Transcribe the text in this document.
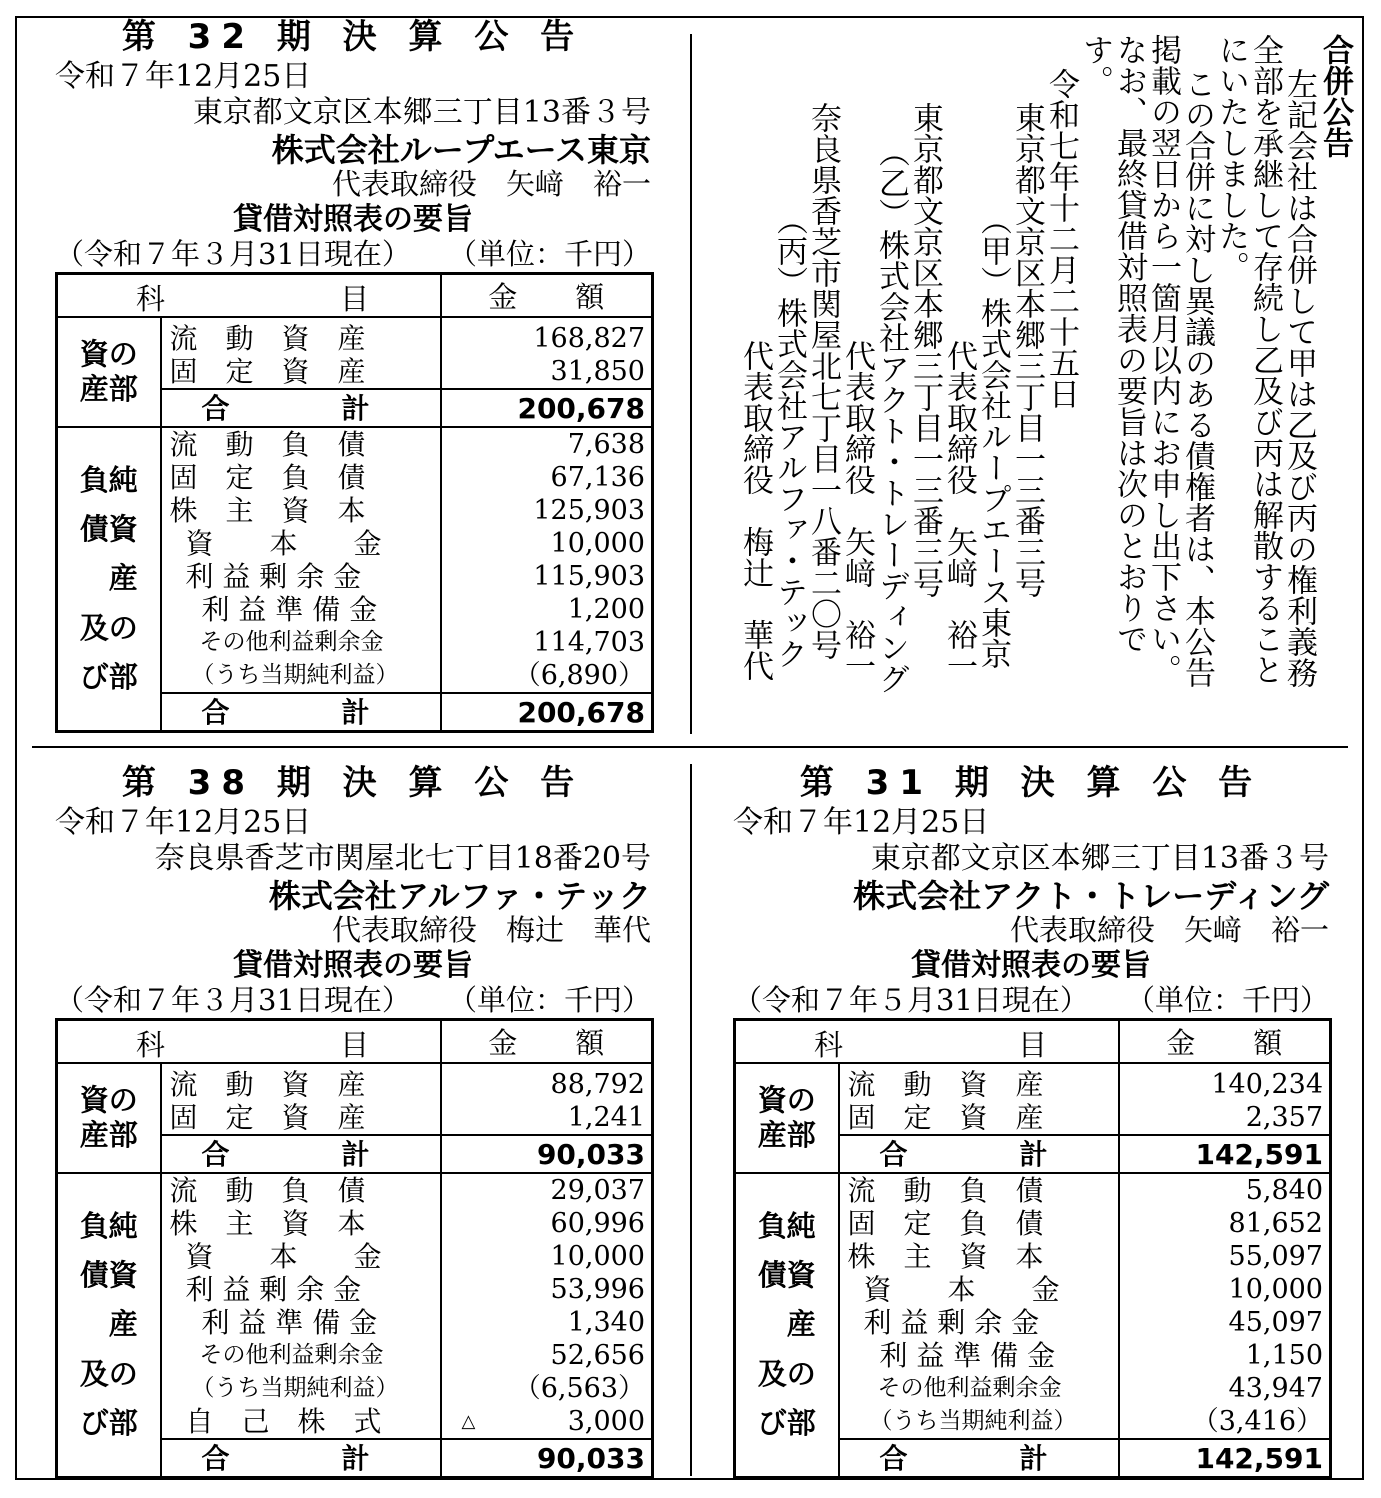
第 32 期 決 算 公 告
令和７年12月25日
東京都文京区本郷三丁目13番３号
株式会社ループエース東京
代表取締役　矢﨑　裕一
貸借対照表の要旨
（令和７年３月31日現在） （単位：千円）
科 目		金　　額
資の
産部	流　動　資　産	168,827
	固　定　資　産	31,850
	合　　　　計	200,678
負純
債資
　産
及の
び部	流　動　負　債	7,638
	固　定　負　債	67,136
	株　主　資　本	125,903
	資　　本　　金	10,000
	利 益 剰 余 金	115,903
	利 益 準 備 金	1,200
	その他利益剰余金	114,703
	（うち当期純利益）	（6,890）
	合　　　　計	200,678
第 38 期 決 算 公 告
令和７年12月25日
奈良県香芝市関屋北七丁目18番20号
株式会社アルファ・テック
代表取締役　梅辻　華代
貸借対照表の要旨
（令和７年３月31日現在） （単位：千円）
科 目		金　　額
資の
産部	流　動　資　産	88,792
	固　定　資　産	1,241
	合　　　　計	90,033
負純
債資
　産
及の
び部	流　動　負　債	29,037
	株　主　資　本	60,996
	資　　本　　金	10,000
	利 益 剰 余 金	53,996
	利 益 準 備 金	1,340
	その他利益剰余金	52,656
	（うち当期純利益）	（6,563）
	自　己　株　式	△ 3,000
	合　　　　計	90,033
第 31 期 決 算 公 告
令和７年12月25日
東京都文京区本郷三丁目13番３号
株式会社アクト・トレーディング
代表取締役　矢﨑　裕一
貸借対照表の要旨
（令和７年５月31日現在） （単位：千円）
科 目		金　　額
資の
産部	流　動　資　産	140,234
	固　定　資　産	2,357
	合　　　　計	142,591
負純
債資
　産
及の
び部	流　動　負　債	5,840
	固　定　負　債	81,652
	株　主　資　本	55,097
	資　　本　　金	10,000
	利 益 剰 余 金	45,097
	利 益 準 備 金	1,150
	その他利益剰余金	43,947
	（うち当期純利益）	（3,416）
	合　　　　計	142,591
合併公告
左記会社は合併して甲は乙及び丙の権利義務
全部を承継して存続し乙及び丙は解散すること
にいたしました。
この合併に対し異議のある債権者は、本公告
掲載の翌日から一箇月以内にお申し出下さい。
なお、最終貸借対照表の要旨は次のとおりで
す。
令和七年十二月二十五日
東京都文京区本郷三丁目一三番三号
（甲）株式会社ループエース東京
代表取締役　矢﨑　裕一
東京都文京区本郷三丁目一三番三号
（乙）株式会社アクト・トレーディング
代表取締役　矢﨑　裕一
奈良県香芝市関屋北七丁目一八番二〇号
（丙）株式会社アルファ・テック
代表取締役　梅辻　華代
